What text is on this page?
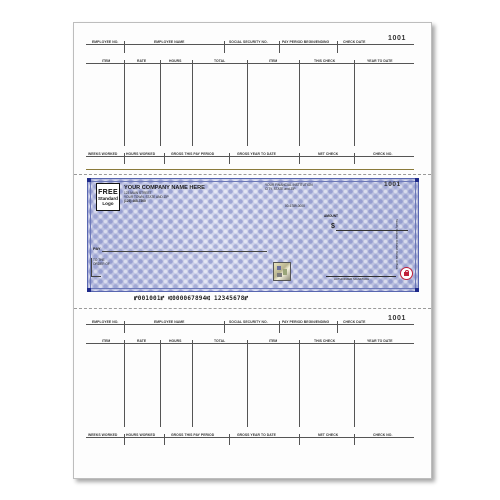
1001
EMPLOYEE NO.	EMPLOYEE NAME	SOCIAL SECURITY NO.	PAY PERIOD BEGIN/ENDING	CHECK DATE
ITEM	RATE	HOURS	TOTAL	ITEM	THIS CHECK	YEAR TO DATE
WEEKS WORKED	HOURS WORKED	GROSS THIS PAY PERIOD	GROSS YEAR TO DATE	NET CHECK	CHECK NO.
FREE
Standard
Logo
YOUR COMPANY NAME HERE
123 MAIN STREET
YOUR TOWN, STATE AND ZIP
(123) 465-7200
YOUR FINANCIAL INSTITUTION
CITY, STATE and ZIP
00-6789-0000
1001
AMOUNT
$
PAY
TO THE
ORDER OF
AUTHORIZED SIGNATURE
Security Features Included. Details on Back.
⑈001001⑈ ⑆000067894⑆ 12345678⑈
1001
EMPLOYEE NO.	EMPLOYEE NAME	SOCIAL SECURITY NO.	PAY PERIOD BEGIN/ENDING	CHECK DATE
ITEM	RATE	HOURS	TOTAL	ITEM	THIS CHECK	YEAR TO DATE
WEEKS WORKED	HOURS WORKED	GROSS THIS PAY PERIOD	GROSS YEAR TO DATE	NET CHECK	CHECK NO.
